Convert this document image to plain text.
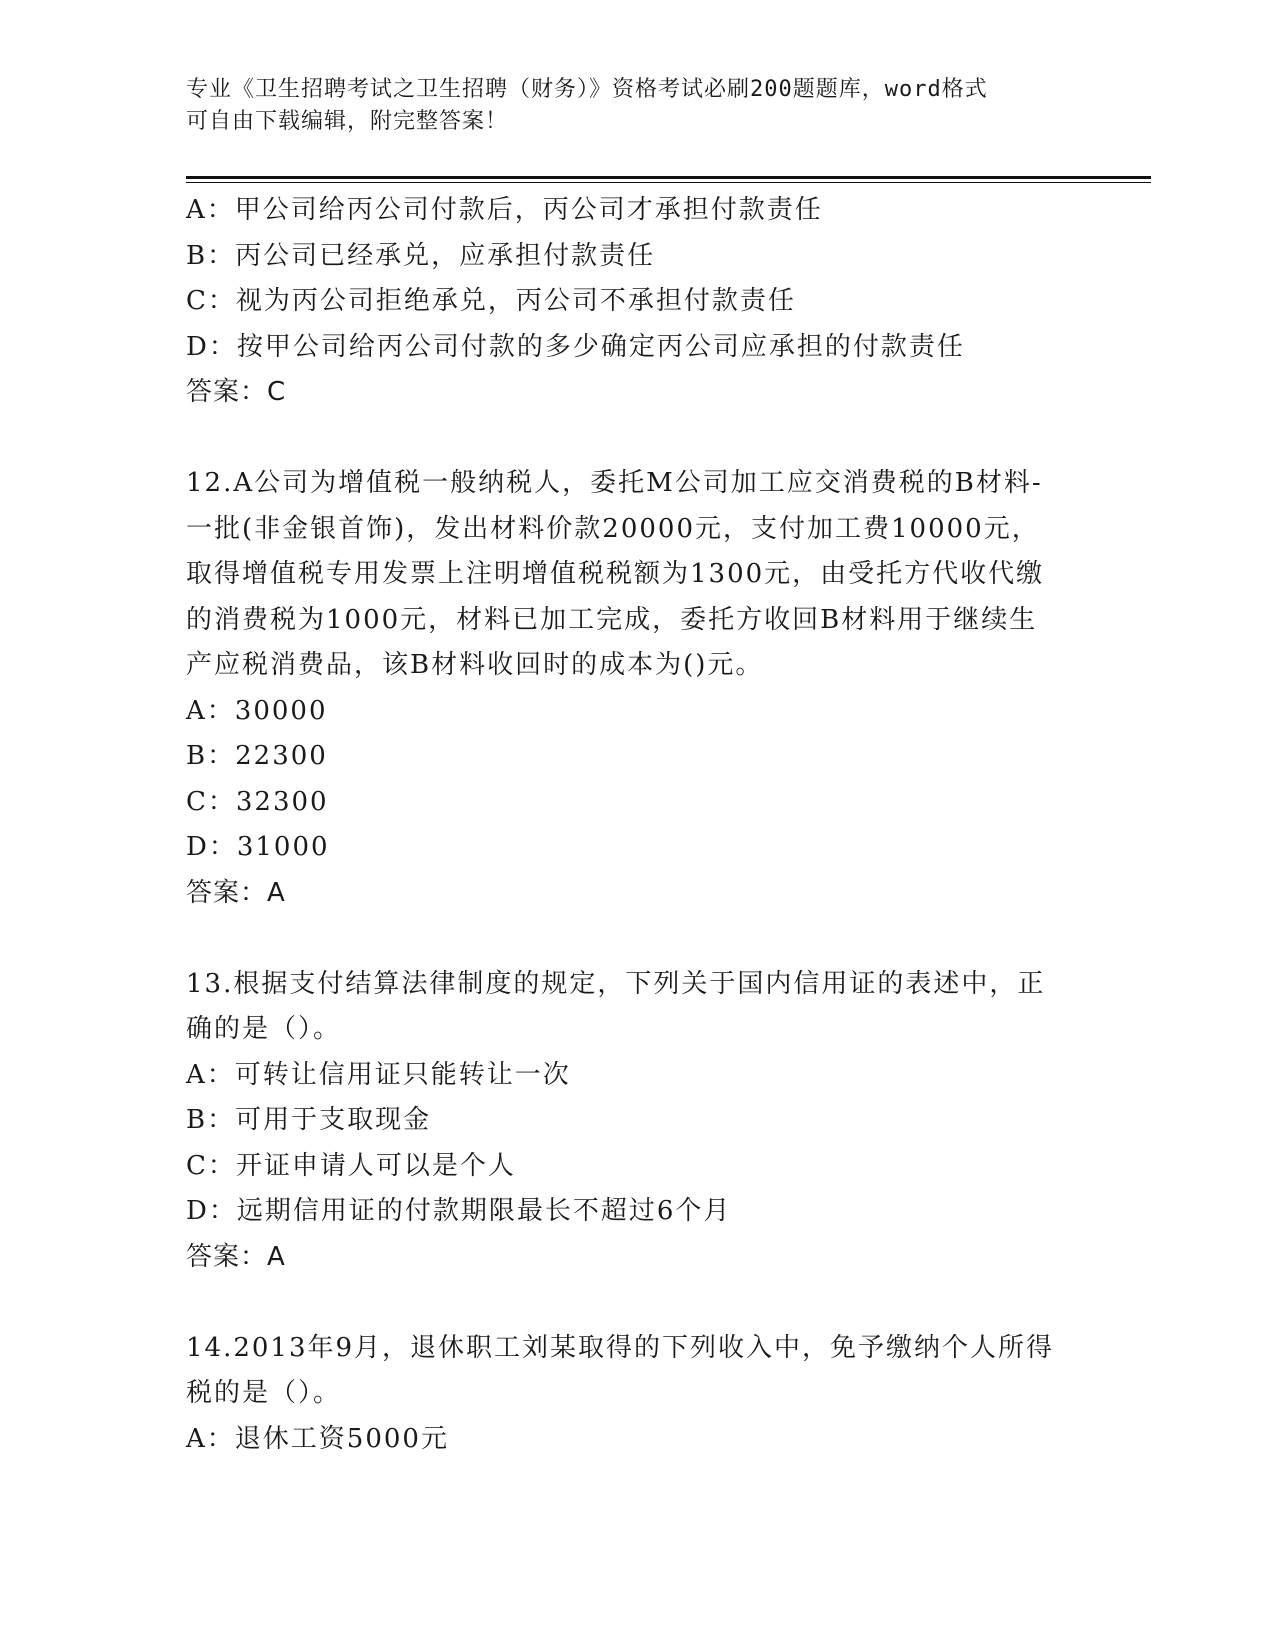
专业《卫生招聘考试之卫生招聘（财务）》资格考试必刷200题题库，word格式
可自由下载编辑，附完整答案！
A：甲公司给丙公司付款后，丙公司才承担付款责任
B：丙公司已经承兑，应承担付款责任
C：视为丙公司拒绝承兑，丙公司不承担付款责任
D：按甲公司给丙公司付款的多少确定丙公司应承担的付款责任
答案：C
12.A公司为增值税一般纳税人，委托M公司加工应交消费税的B材料-
一批(非金银首饰)，发出材料价款20000元，支付加工费10000元，
取得增值税专用发票上注明增值税税额为1300元，由受托方代收代缴
的消费税为1000元，材料已加工完成，委托方收回B材料用于继续生
产应税消费品，该B材料收回时的成本为()元。
A：30000
B：22300
C：32300
D：31000
答案：A
13.根据支付结算法律制度的规定，下列关于国内信用证的表述中，正
确的是（）。
A：可转让信用证只能转让一次
B：可用于支取现金
C：开证申请人可以是个人
D：远期信用证的付款期限最长不超过6个月
答案：A
14.2013年9月，退休职工刘某取得的下列收入中，免予缴纳个人所得
税的是（）。
A：退休工资5000元
